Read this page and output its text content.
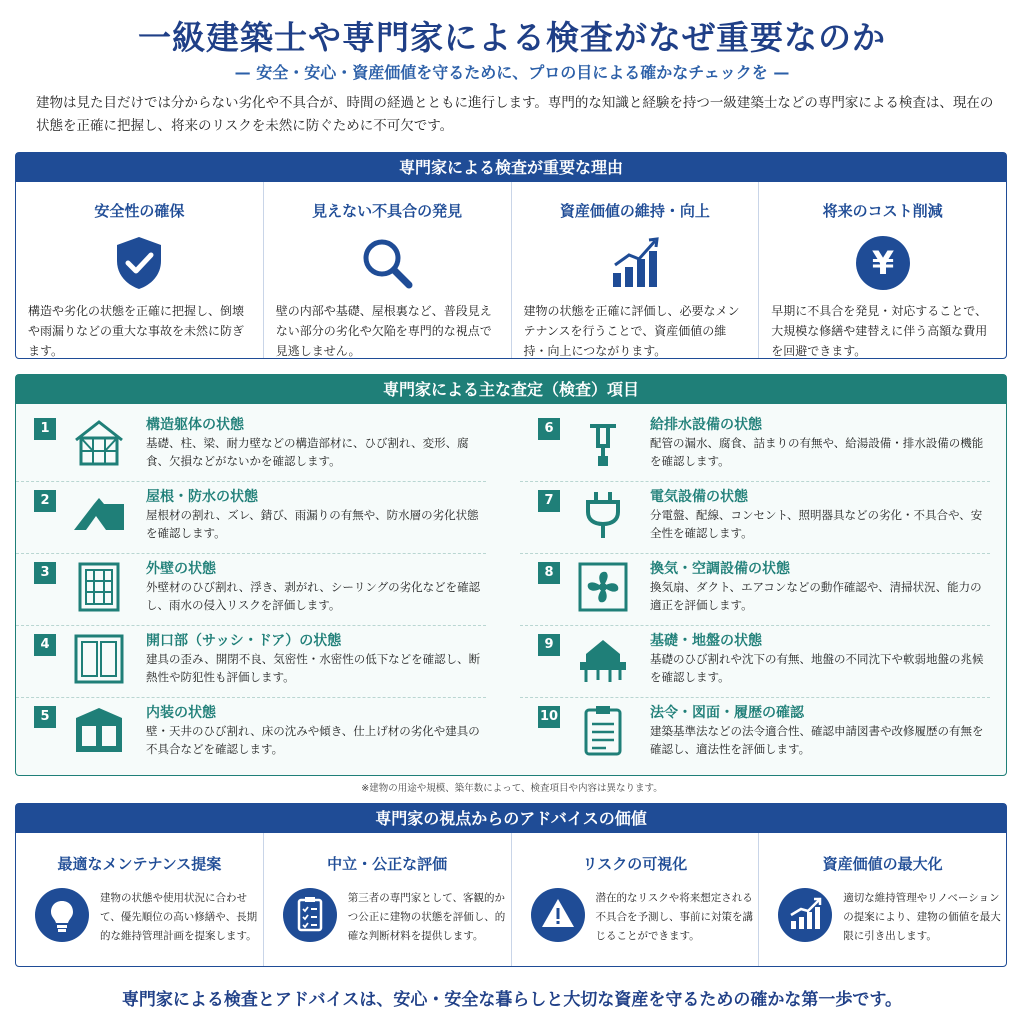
一級建築士や専門家による検査がなぜ重要なのか
— 安全・安心・資産価値を守るために、プロの目による確かなチェックを —
建物は見た目だけでは分からない劣化や不具合が、時間の経過とともに進行します。専門的な知識と経験を持つ一級建築士などの専門家による検査は、現在の状態を正確に把握し、将来のリスクを未然に防ぐために不可欠です。
専門家による検査が重要な理由
安全性の確保
構造や劣化の状態を正確に把握し、倒壊や雨漏りなどの重大な事故を未然に防ぎます。
見えない不具合の発見
壁の内部や基礎、屋根裏など、普段見えない部分の劣化や欠陥を専門的な視点で見逃しません。
資産価値の維持・向上
建物の状態を正確に評価し、必要なメンテナンスを行うことで、資産価値の維持・向上につながります。
将来のコスト削減
¥
早期に不具合を発見・対応することで、大規模な修繕や建替えに伴う高額な費用を回避できます。
専門家による主な査定（検査）項目
1	構造躯体の状態
基礎、柱、梁、耐力壁などの構造部材に、ひび割れ、変形、腐食、欠損などがないかを確認します。
2	屋根・防水の状態
屋根材の割れ、ズレ、錆び、雨漏りの有無や、防水層の劣化状態を確認します。
3	外壁の状態
外壁材のひび割れ、浮き、剥がれ、シーリングの劣化などを確認し、雨水の侵入リスクを評価します。
4	開口部（サッシ・ドア）の状態
建具の歪み、開閉不良、気密性・水密性の低下などを確認し、断熱性や防犯性も評価します。
5	内装の状態
壁・天井のひび割れ、床の沈みや傾き、仕上げ材の劣化や建具の不具合などを確認します。
6	給排水設備の状態
配管の漏水、腐食、詰まりの有無や、給湯設備・排水設備の機能を確認します。
7	電気設備の状態
分電盤、配線、コンセント、照明器具などの劣化・不具合や、安全性を確認します。
8	換気・空調設備の状態
換気扇、ダクト、エアコンなどの動作確認や、清掃状況、能力の適正を評価します。
9	基礎・地盤の状態
基礎のひび割れや沈下の有無、地盤の不同沈下や軟弱地盤の兆候を確認します。
10	法令・図面・履歴の確認
建築基準法などの法令適合性、確認申請図書や改修履歴の有無を確認し、適法性を評価します。
※建物の用途や規模、築年数によって、検査項目や内容は異なります。
専門家の視点からのアドバイスの価値
最適なメンテナンス提案
建物の状態や使用状況に合わせて、優先順位の高い修繕や、長期的な維持管理計画を提案します。
中立・公正な評価
第三者の専門家として、客観的かつ公正に建物の状態を評価し、的確な判断材料を提供します。
リスクの可視化
潜在的なリスクや将来想定される不具合を予測し、事前に対策を講じることができます。
資産価値の最大化
適切な維持管理やリノベーションの提案により、建物の価値を最大限に引き出します。
専門家による検査とアドバイスは、安心・安全な暮らしと大切な資産を守るための確かな第一歩です。
